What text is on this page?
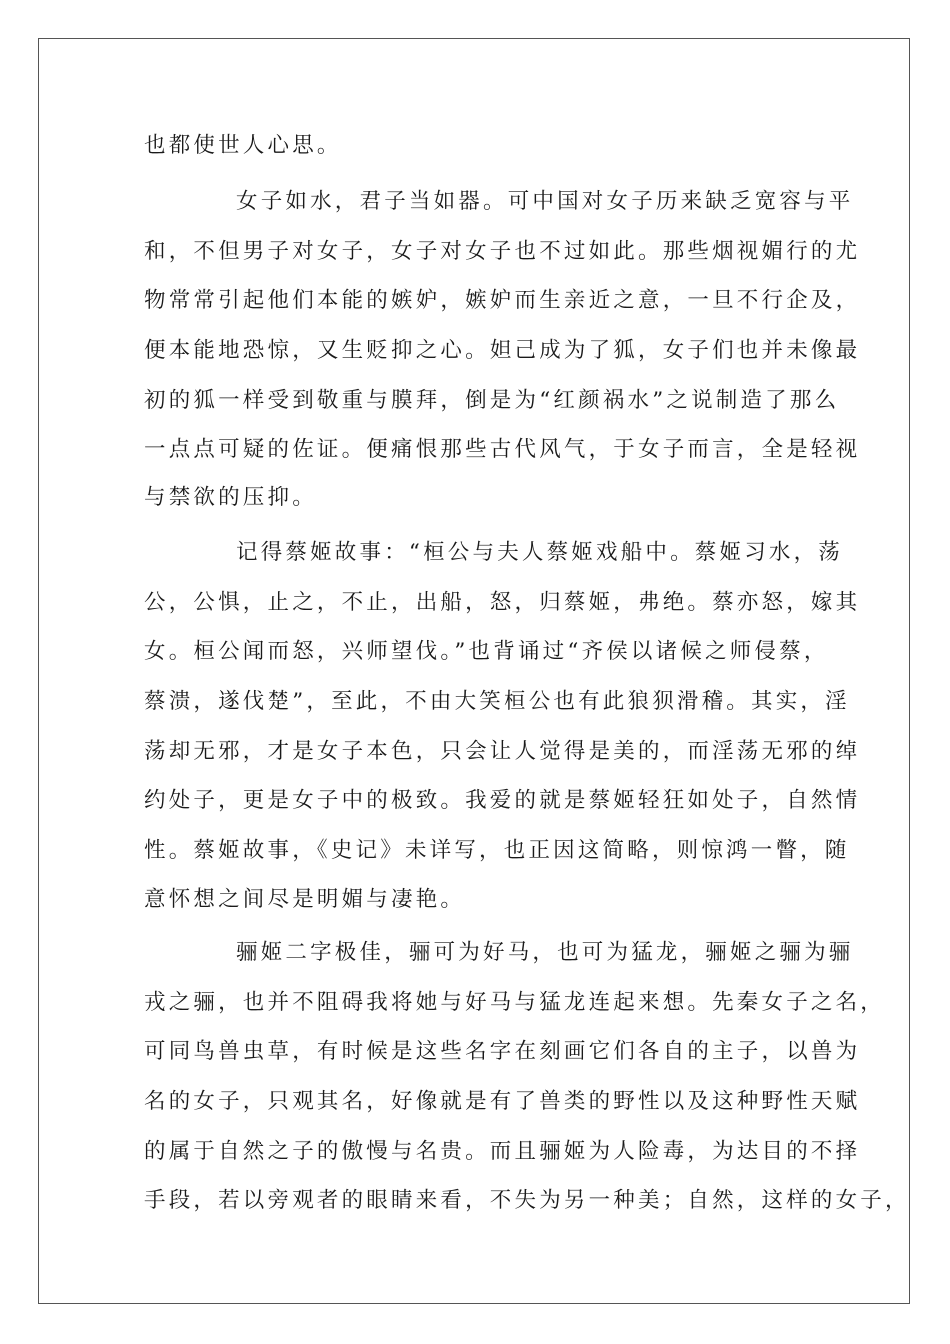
也都使世人心思。
女子如水，君子当如器。可中国对女子历来缺乏宽容与平
和，不但男子对女子，女子对女子也不过如此。那些烟视媚行的尤
物常常引起他们本能的嫉妒，嫉妒而生亲近之意，一旦不行企及，
便本能地恐惊，又生贬抑之心。妲己成为了狐，女子们也并未像最
初的狐一样受到敬重与膜拜，倒是为“红颜祸水”之说制造了那么
一点点可疑的佐证。便痛恨那些古代风气，于女子而言，全是轻视
与禁欲的压抑。
记得蔡姬故事：“桓公与夫人蔡姬戏船中。蔡姬习水，荡
公，公惧，止之，不止，出船，怒，归蔡姬，弗绝。蔡亦怒，嫁其
女。桓公闻而怒，兴师望伐。”也背诵过“齐侯以诸候之师侵蔡，
蔡溃，遂伐楚”，至此，不由大笑桓公也有此狼狈滑稽。其实，淫
荡却无邪，才是女子本色，只会让人觉得是美的，而淫荡无邪的绰
约处子，更是女子中的极致。我爱的就是蔡姬轻狂如处子，自然情
性。蔡姬故事，《史记》未详写，也正因这简略，则惊鸿一瞥，随
意怀想之间尽是明媚与凄艳。
骊姬二字极佳，骊可为好马，也可为猛龙，骊姬之骊为骊
戎之骊，也并不阻碍我将她与好马与猛龙连起来想。先秦女子之名，
可同鸟兽虫草，有时候是这些名字在刻画它们各自的主子，以兽为
名的女子，只观其名，好像就是有了兽类的野性以及这种野性天赋
的属于自然之子的傲慢与名贵。而且骊姬为人险毒，为达目的不择
手段，若以旁观者的眼睛来看，不失为另一种美；自然，这样的女子，
